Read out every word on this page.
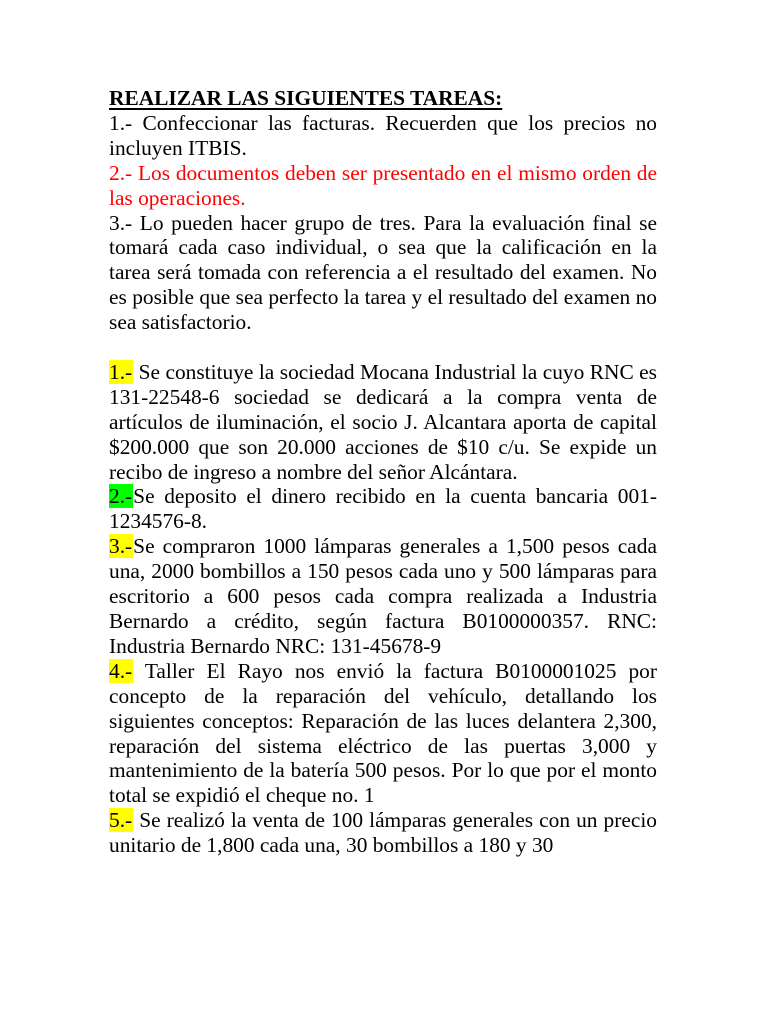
REALIZAR LAS SIGUIENTES TAREAS:

1.- Confeccionar las facturas. Recuerden que los precios no incluyen ITBIS.

2.- Los documentos deben ser presentado en el mismo orden de las operaciones.

3.- Lo pueden hacer grupo de tres. Para la evaluación final se tomará cada caso individual, o sea que la calificación en la tarea será tomada con referencia a el resultado del examen. No es posible que sea perfecto la tarea y el resultado del examen no sea satisfactorio.

1.- Se constituye la sociedad Mocana Industrial la cuyo RNC es 131-22548-6 sociedad se dedicará a la compra venta de artículos de iluminación, el socio J. Alcantara aporta de capital $200.000 que son 20.000 acciones de $10 c/u. Se expide un recibo de ingreso a nombre del señor Alcántara.

2.-Se deposito el dinero recibido en la cuenta bancaria 001-1234576-8.

3.-Se compraron 1000 lámparas generales a 1,500 pesos cada una, 2000 bombillos a 150 pesos cada uno y 500 lámparas para escritorio a 600 pesos cada compra realizada a Industria Bernardo a crédito, según factura B0100000357. RNC: Industria Bernardo NRC: 131-45678-9

4.- Taller El Rayo nos envió la factura B0100001025 por concepto de la reparación del vehículo, detallando los siguientes conceptos: Reparación de las luces delantera 2,300, reparación del sistema eléctrico de las puertas 3,000 y mantenimiento de la batería 500 pesos. Por lo que por el monto total se expidió el cheque no. 1

5.- Se realizó la venta de 100 lámparas generales con un precio unitario de 1,800 cada una, 30 bombillos a 180 y 30
